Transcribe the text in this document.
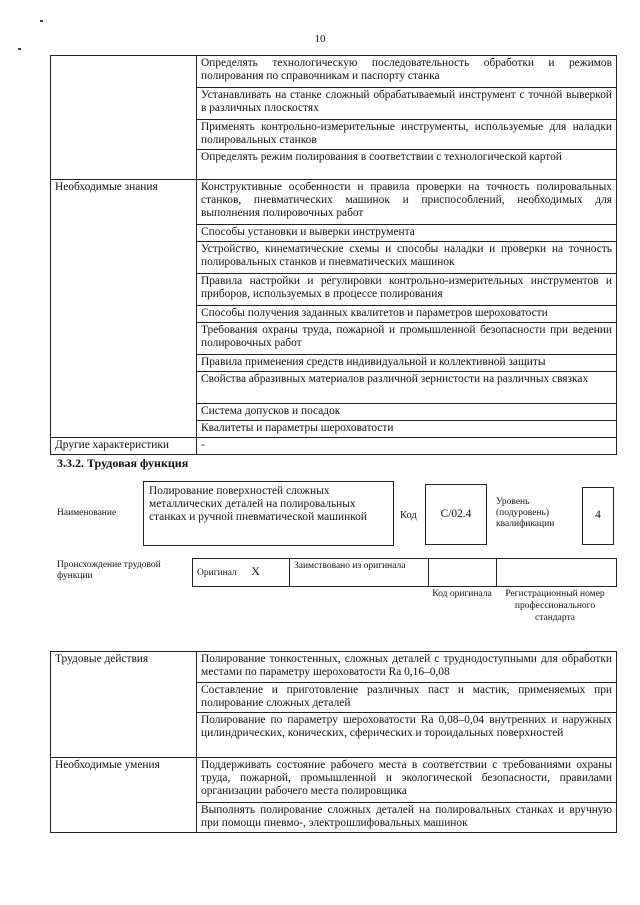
10
	Определять технологическую последовательность обработки и режимов полирования по справочникам и паспорту станка
	Устанавливать на станке сложный обрабатываемый инструмент с точной выверкой в различных плоскостях
	Применять контрольно-измерительные инструменты, используемые для наладки полировальных станков
	Определять режим полирования в соответствии с технологической картой
Необходимые знания	Конструктивные особенности и правила проверки на точность полировальных станков, пневматических машинок и приспособлений, необходимых для выполнения полировочных работ
	Способы установки и выверки инструмента
	Устройство, кинематические схемы и способы наладки и проверки на точность полировальных станков и пневматических машинок
	Правила настройки и регулировки контрольно-измерительных инструментов и приборов, используемых в процессе полирования
	Способы получения заданных квалитетов и параметров шероховатости
	Требования охраны труда, пожарной и промышленной безопасности при ведении полировочных работ
	Правила применения средств индивидуальной и коллективной защиты
	Свойства абразивных материалов различной зернистости на различных связках
	Система допусков и посадок
	Квалитеты и параметры шероховатости
Другие характеристики	-
3.3.2. Трудовая функция
Наименование
Полирование поверхностей сложных металлических деталей на полировальных станках и ручной пневматической машинкой	Код	С/02.4
Уровень (подуровень) квалификации
4
Происхождение трудовой функции	Оригинал Х	Заимствовано из оригинала		
Код оригинала	Регистрационный номер профессионального стандарта
Трудовые действия	Полирование тонкостенных, сложных деталей с труднодоступными для обработки местами по параметру шероховатости Ra 0,16–0,08
	Составление и приготовление различных паст и мастик, применяемых при полирование сложных деталей
	Полирование по параметру шероховатости Ra 0,08–0,04 внутренних и наружных цилиндрических, конических, сферических и тороидальных поверхностей
Необходимые умения	Поддерживать состояние рабочего места в соответствии с требованиями охраны труда, пожарной, промышленной и экологической безопасности, правилами организации рабочего места полировщика
	Выполнять полирование сложных деталей на полировальных станках и вручную при помощи пневмо-, электрошлифовальных машинок
